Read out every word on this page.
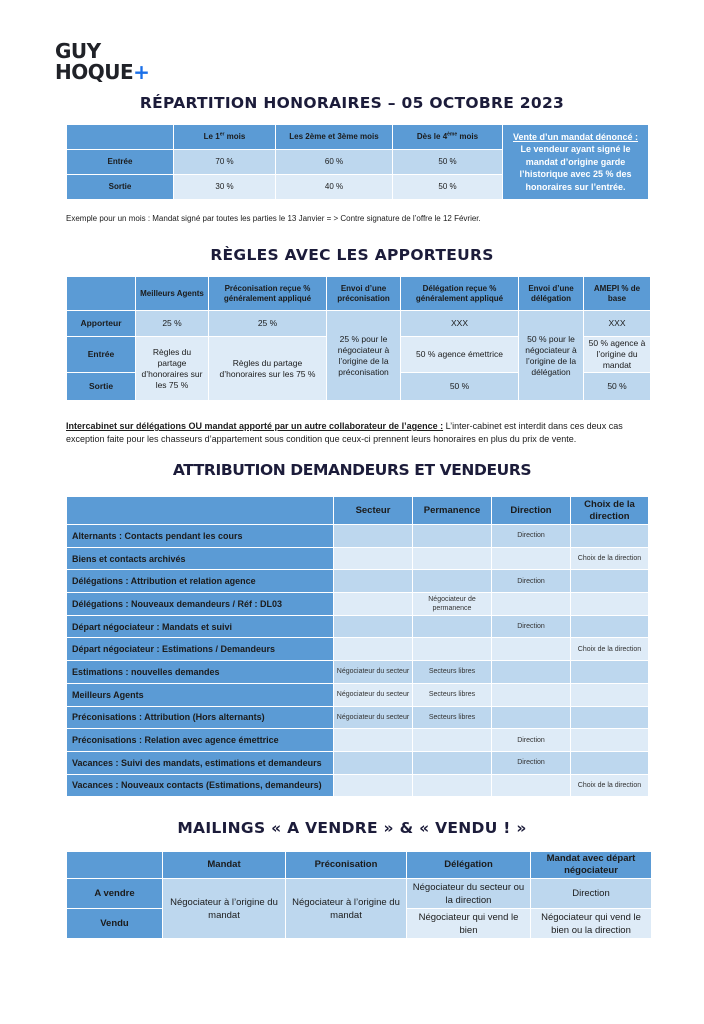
GUY
HOQUE+
RÉPARTITION HONORAIRES – 05 OCTOBRE 2023
	Le 1er mois	Les 2ème et 3ème mois	Dès le 4ème mois	Vente d’un mandat dénoncé :
Le vendeur ayant signé le mandat d’origine garde l’historique avec 25 % des honoraires sur l’entrée.
Entrée	70 %	60 %	50 %	
Sortie	30 %	40 %	50 %	
Exemple pour un mois : Mandat signé par toutes les parties le 13 Janvier = > Contre signature de l’offre le 12 Février.
RÈGLES AVEC LES APPORTEURS
	Meilleurs Agents	Préconisation reçue % généralement appliqué	Envoi d’une préconisation	Délégation reçue % généralement appliqué	Envoi d’une délégation	AMEPI % de base
Apporteur	25 %	25 %	25 % pour le négociateur à l’origine de la préconisation	XXX	50 % pour le négociateur à l’origine de la délégation	XXX
Entrée	Règles du partage d’honoraires sur les 75 %	Règles du partage d’honoraires sur les 75 %		50 % agence émettrice		50 % agence à l’origine du mandat
Sortie				50 %		50 %
Intercabinet sur délégations OU mandat apporté par un autre collaborateur de l’agence : L’inter-cabinet est interdit dans ces deux cas exception faite pour les chasseurs d’appartement sous condition que ceux-ci prennent leurs honoraires en plus du prix de vente.
ATTRIBUTION DEMANDEURS ET VENDEURS
	Secteur	Permanence	Direction	Choix de la direction
Alternants : Contacts pendant les cours			Direction	
Biens et contacts archivés				Choix de la direction
Délégations : Attribution et relation agence			Direction	
Délégations : Nouveaux demandeurs / Réf : DL03		Négociateur de permanence		
Départ négociateur : Mandats et suivi			Direction	
Départ négociateur : Estimations / Demandeurs				Choix de la direction
Estimations : nouvelles demandes	Négociateur du secteur	Secteurs libres		
Meilleurs Agents	Négociateur du secteur	Secteurs libres		
Préconisations : Attribution (Hors alternants)	Négociateur du secteur	Secteurs libres		
Préconisations : Relation avec agence émettrice			Direction	
Vacances : Suivi des mandats, estimations et demandeurs			Direction	
Vacances : Nouveaux contacts (Estimations, demandeurs)				Choix de la direction
MAILINGS « A VENDRE » & « VENDU ! »
	Mandat	Préconisation	Délégation	Mandat avec départ négociateur
A vendre	Négociateur à l’origine du mandat	Négociateur à l’origine du mandat	Négociateur du secteur ou la direction	Direction
Vendu			Négociateur qui vend le bien	Négociateur qui vend le bien ou la direction
